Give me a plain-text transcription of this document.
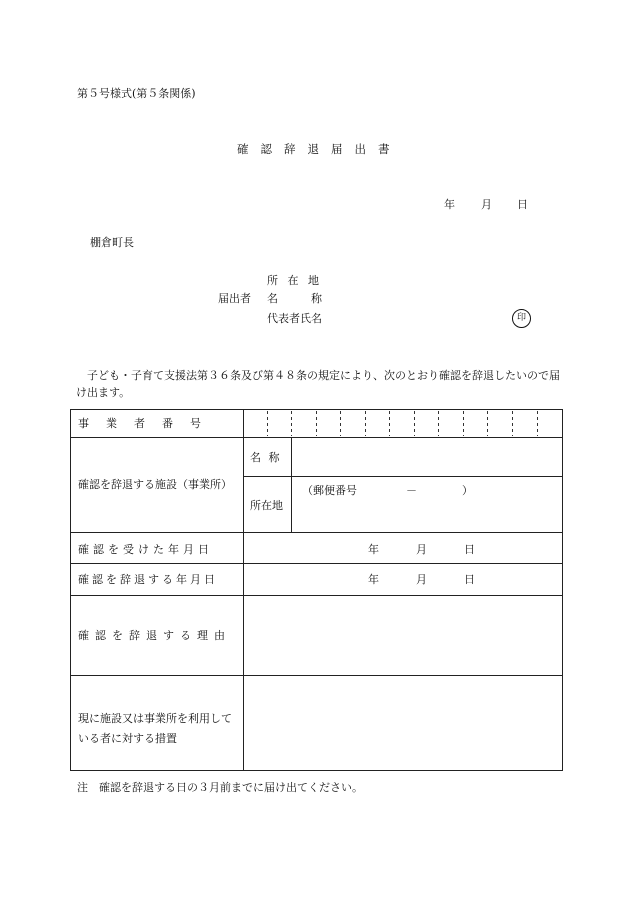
第５号様式(第５条関係)
確認辞退届出書
年 月 日
棚倉町長
所 在 地
届出者 名　　　称
代表者氏名	印
子ども・子育て支援法第３６条及び第４８条の規定により、次のとおり確認を辞退したいので届け出ます。
事　業　者　番　号
確認を辞退する施設（事業所）
名 称
所在地
（郵便番号	－	）
確認を受けた年月日	年	月	日
確認を辞退する年月日	年	月	日
確認を辞退する理由
現に施設又は事業所を利用している者に対する措置
注　確認を辞退する日の３月前までに届け出てください。
